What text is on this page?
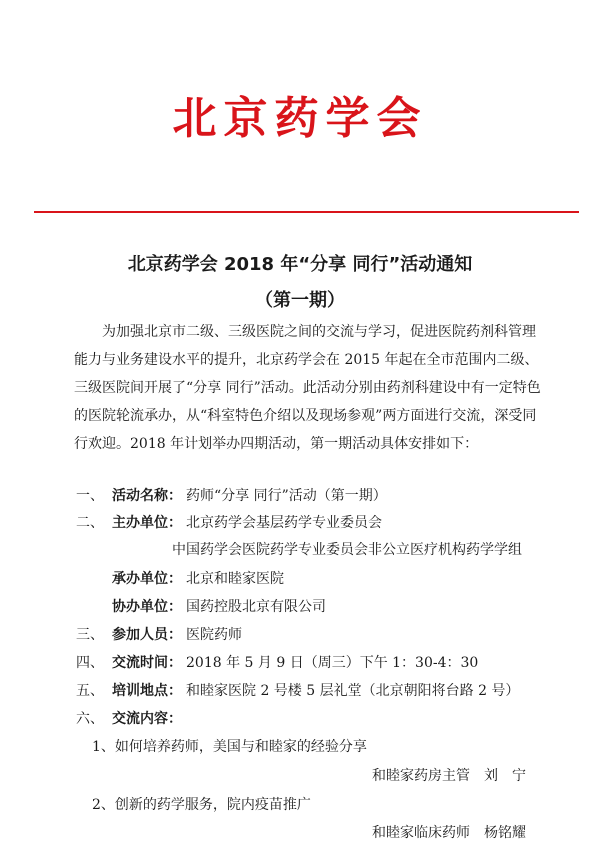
北京药学会
北京药学会 2018 年“分享 同行”活动通知
（第一期）
为加强北京市二级、三级医院之间的交流与学习，促进医院药剂科管理能力与业务建设水平的提升，北京药学会在 2015 年起在全市范围内二级、三级医院间开展了“分享 同行”活动。此活动分别由药剂科建设中有一定特色的医院轮流承办，从“科室特色介绍以及现场参观”两方面进行交流，深受同行欢迎。2018 年计划举办四期活动，第一期活动具体安排如下：
一、 活动名称： 药师“分享 同行”活动（第一期）
二、 主办单位： 北京药学会基层药学专业委员会
中国药学会医院药学专业委员会非公立医疗机构药学学组
承办单位： 北京和睦家医院
协办单位： 国药控股北京有限公司
三、 参加人员： 医院药师
四、 交流时间： 2018 年 5 月 9 日（周三）下午 1：30-4：30
五、 培训地点： 和睦家医院 2 号楼 5 层礼堂（北京朝阳将台路 2 号）
六、 交流内容：
1、如何培养药师，美国与和睦家的经验分享
和睦家药房主管　刘　宁
2、创新的药学服务，院内疫苗推广
和睦家临床药师　杨铭耀
